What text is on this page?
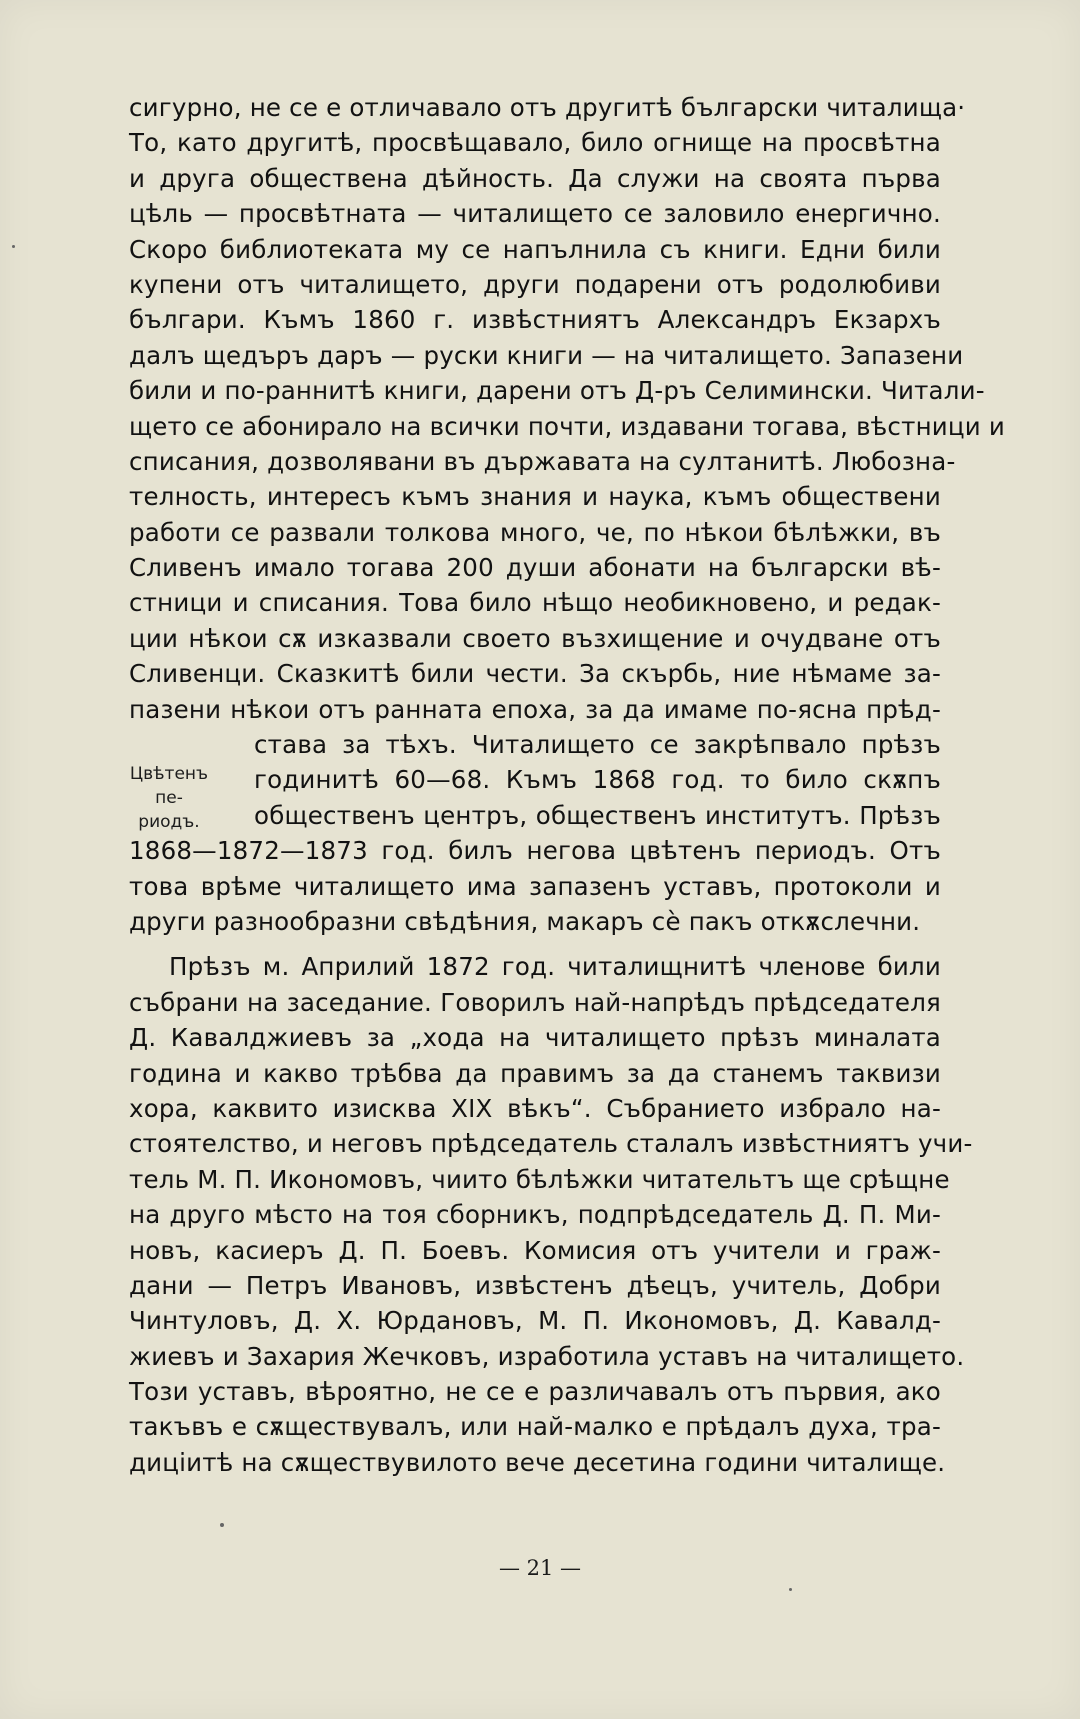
сигурно, не се е отличавало отъ другитѣ български читалища·
То, като другитѣ, просвѣщавало, било огнище на просвѣтна
и друга обществена дѣйность. Да служи на своята първа
цѣль — просвѣтната — читалището се заловило енергично.
Скоро библиотеката му се напълнила съ книги. Едни били
купени отъ читалището, други подарени отъ родолюбиви
българи. Къмъ 1860 г. извѣстниятъ Александръ Екзархъ
далъ щедъръ даръ — руски книги — на читалището. Запазени
били и по-раннитѣ книги, дарени отъ Д-ръ Селимински. Читали-
щето се абонирало на всички почти, издавани тогава, вѣстници и
списания, дозволявани въ държавата на султанитѣ. Любозна-
телность, интересъ къмъ знания и наука, къмъ обществени
работи се развали толкова много, че, по нѣкои бѣлѣжки, въ
Сливенъ имало тогава 200 души абонати на български вѣ-
стници и списания. Това било нѣщо необикновено, и редак-
ции нѣкои сѫ изказвали своето възхищение и очудване отъ
Сливенци. Сказкитѣ били чести. За скърбь, ние нѣмаме за-
пазени нѣкои отъ ранната епоха, за да имаме по-ясна прѣд-
става за тѣхъ. Читалището се закрѣпвало прѣзъ
годинитѣ 60—68. Къмъ 1868 год. то било скѫпъ
общественъ центръ, общественъ институтъ. Прѣзъ
1868—1872—1873 год. билъ негова цвѣтенъ периодъ. Отъ
това врѣме читалището има запазенъ уставъ, протоколи и
други разнообразни свѣдѣния, макаръ сѐ пакъ откѫслечни.
Прѣзъ м. Априлий 1872 год. читалищнитѣ членове били
събрани на заседание. Говорилъ най-напрѣдъ прѣдседателя
Д. Кавалджиевъ за „хода на читалището прѣзъ миналата
година и какво трѣбва да правимъ за да станемъ таквизи
хора, каквито изисква XIX вѣкъ“. Събранието избрало на-
стоятелство, и неговъ прѣдседатель сталалъ извѣстниятъ учи-
тель М. П. Икономовъ, чиито бѣлѣжки читательтъ ще срѣщне
на друго мѣсто на тоя сборникъ, подпрѣдседатель Д. П. Ми-
новъ, касиеръ Д. П. Боевъ. Комисия отъ учители и граж-
дани — Петръ Ивановъ, извѣстенъ дѣецъ, учитель, Добри
Чинтуловъ, Д. Х. Юрдановъ, М. П. Икономовъ, Д. Кавалд-
жиевъ и Захария Жечковъ, изработила уставъ на читалището.
Този уставъ, вѣроятно, не се е различавалъ отъ първия, ако
такъвъ е сѫществувалъ, или най-малко е прѣдалъ духа, тра-
дицiитѣ на сѫществувилото вече десетина години читалище.
Цвѣтенъ пе-
риодъ.
— 21 —
